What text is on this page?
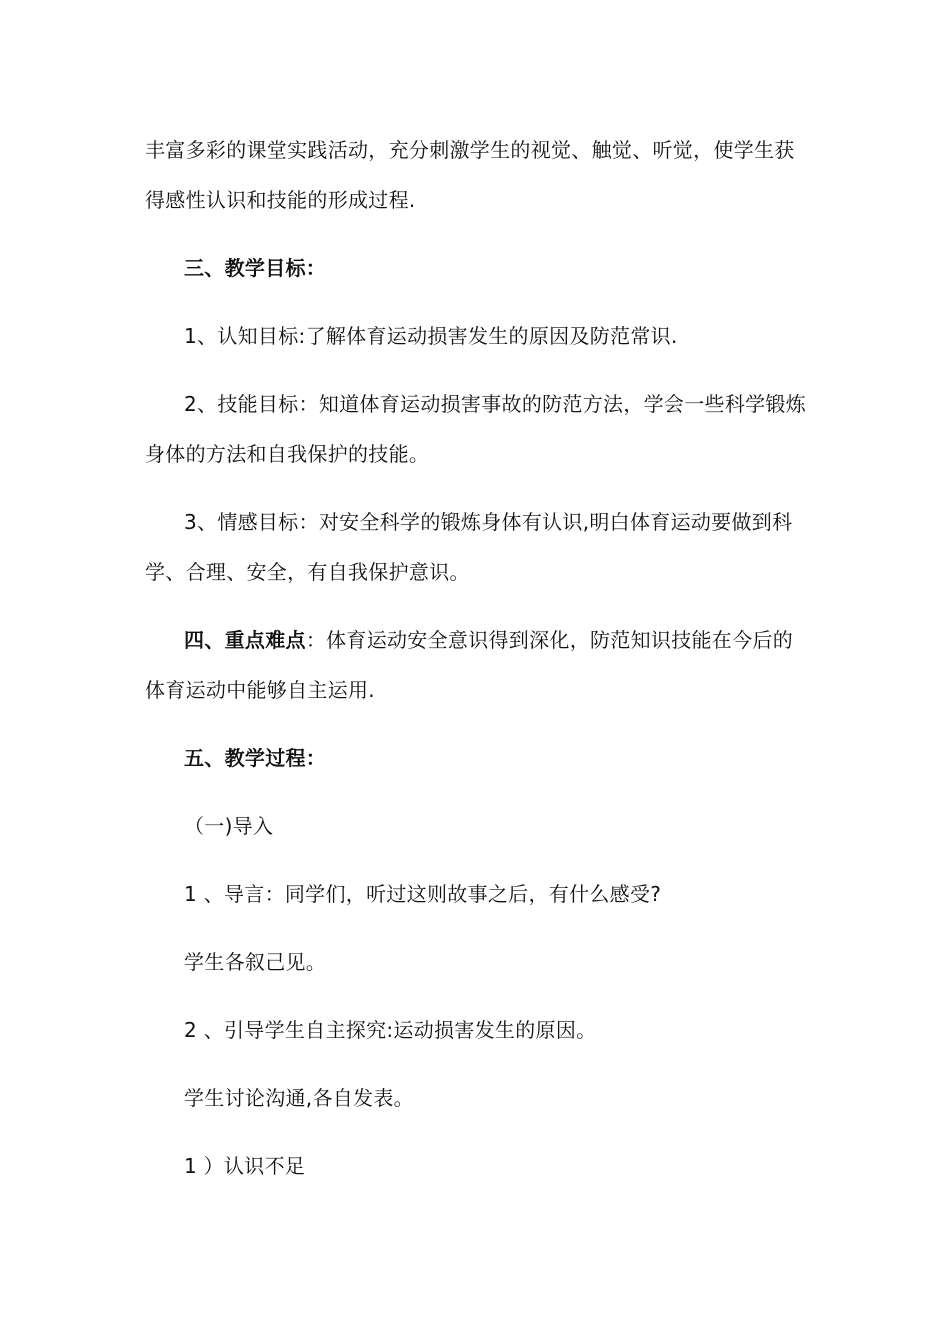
丰富多彩的课堂实践活动，充分刺激学生的视觉、触觉、听觉，使学生获
得感性认识和技能的形成过程.
三、教学目标：
1、认知目标:了解体育运动损害发生的原因及防范常识.
2、技能目标：知道体育运动损害事故的防范方法，学会一些科学锻炼
身体的方法和自我保护的技能。
3、情感目标：对安全科学的锻炼身体有认识,明白体育运动要做到科
学、合理、安全，有自我保护意识。
四、重点难点：体育运动安全意识得到深化，防范知识技能在今后的
体育运动中能够自主运用.
五、教学过程：
（一)导入
1 、导言：同学们，听过这则故事之后，有什么感受?
学生各叙己见。
2 、引导学生自主探究:运动损害发生的原因。
学生讨论沟通,各自发表。
1 ）认识不足
